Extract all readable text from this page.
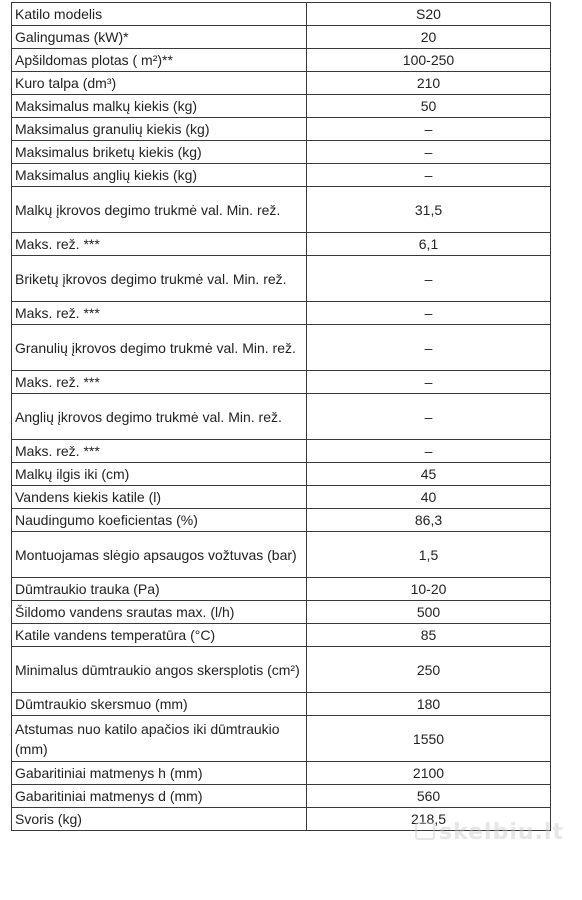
Katilo modelis	S20
Galingumas (kW)*	20
Apšildomas plotas ( m²)**	100-250
Kuro talpa (dm³)	210
Maksimalus malkų kiekis (kg)	50
Maksimalus granulių kiekis (kg)	–
Maksimalus briketų kiekis (kg)	–
Maksimalus anglių kiekis (kg)	–
Malkų įkrovos degimo trukmė val. Min. rež.	31,5
Maks. rež. ***	6,1
Briketų įkrovos degimo trukmė val. Min. rež.	–
Maks. rež. ***	–
Granulių įkrovos degimo trukmė val. Min. rež.	–
Maks. rež. ***	–
Anglių įkrovos degimo trukmė val. Min. rež.	–
Maks. rež. ***	–
Malkų ilgis iki (cm)	45
Vandens kiekis katile (l)	40
Naudingumo koeficientas (%)	86,3
Montuojamas slėgio apsaugos vožtuvas (bar)	1,5
Dūmtraukio trauka (Pa)	10-20
Šildomo vandens srautas max. (l/h)	500
Katile vandens temperatūra (°C)	85
Minimalus dūmtraukio angos skersplotis (cm²)	250
Dūmtraukio skersmuo (mm)	180
Atstumas nuo katilo apačios iki dūmtraukio (mm)	1550
Gabaritiniai matmenys h (mm)	2100
Gabaritiniai matmenys d (mm)	560
Svoris (kg)	218,5
skelbiu.lt
